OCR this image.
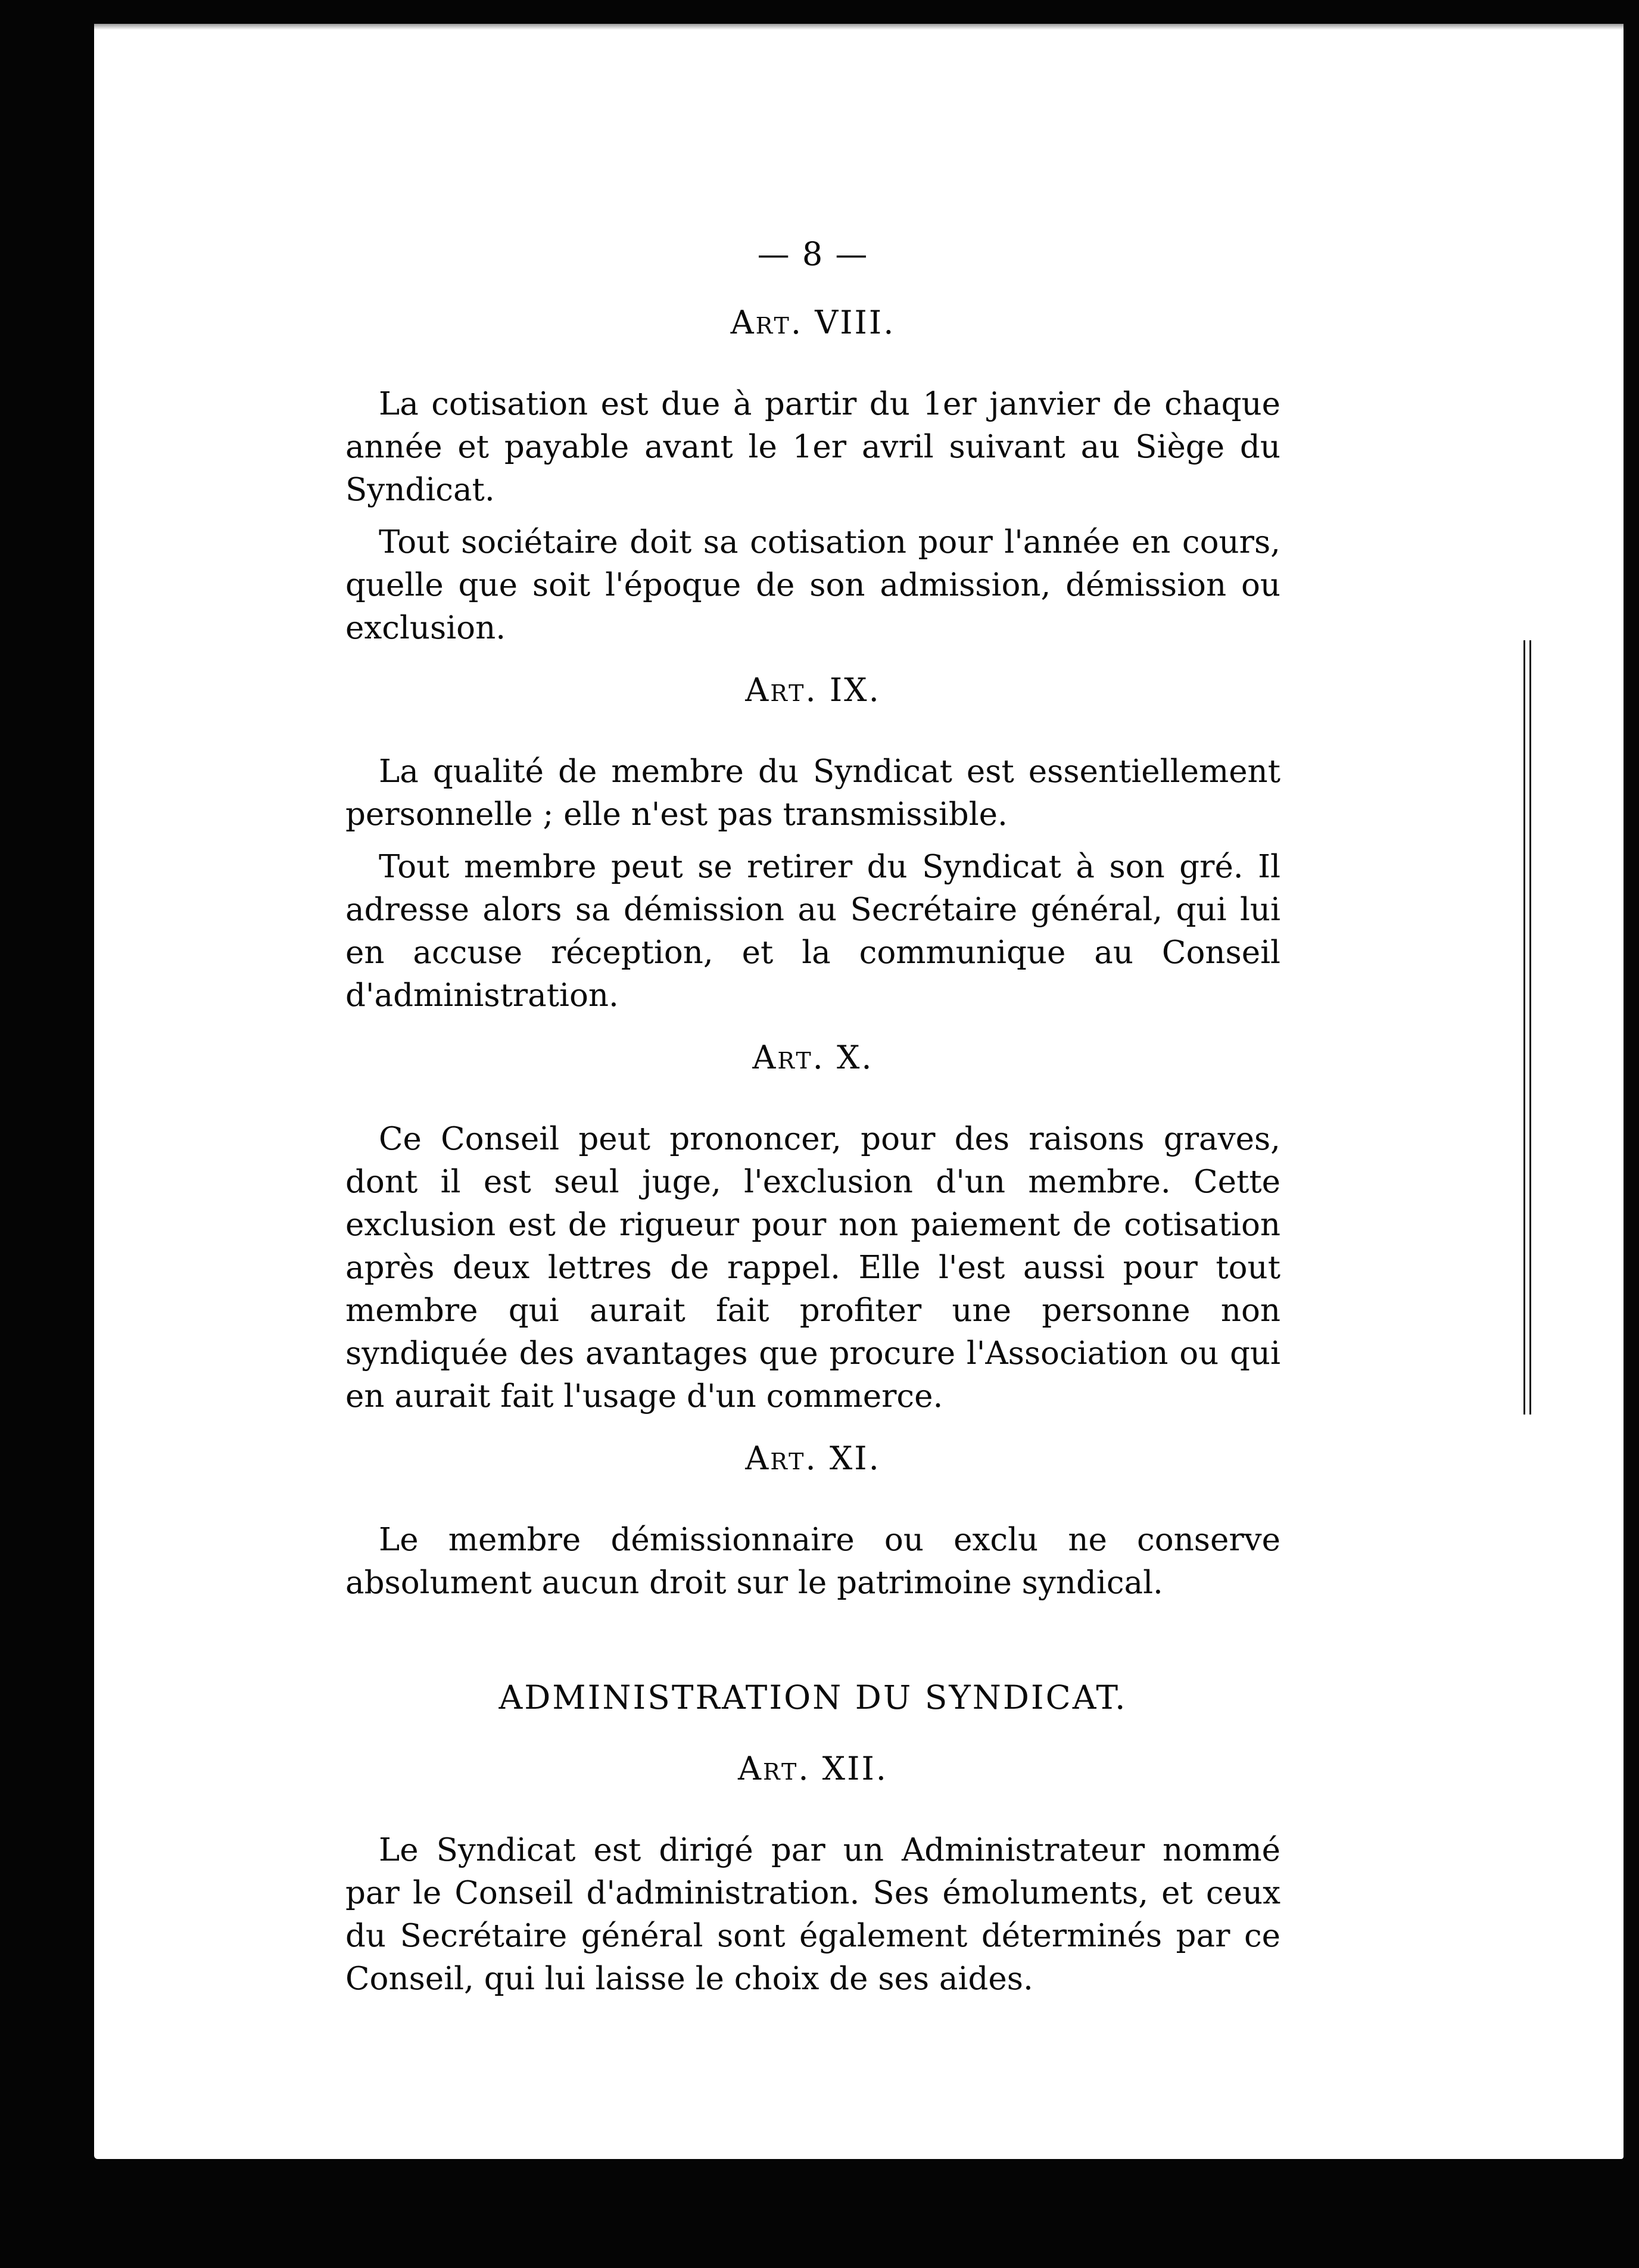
— 8 —
Art. VIII.

La cotisation est due à partir du 1er janvier de chaque année et payable avant le 1er avril suivant au Siège du Syndicat.

Tout sociétaire doit sa cotisation pour l'année en cours, quelle que soit l'époque de son admission, démission ou exclusion.

Art. IX.

La qualité de membre du Syndicat est essentiellement personnelle ; elle n'est pas transmissible.

Tout membre peut se retirer du Syndicat à son gré. Il adresse alors sa démission au Secrétaire général, qui lui en accuse réception, et la communique au Conseil d'administration.

Art. X.

Ce Conseil peut prononcer, pour des raisons graves, dont il est seul juge, l'exclusion d'un membre. Cette exclusion est de rigueur pour non paiement de cotisation après deux lettres de rappel. Elle l'est aussi pour tout membre qui aurait fait profiter une personne non syndiquée des avantages que procure l'Association ou qui en aurait fait l'usage d'un commerce.

Art. XI.

Le membre démissionnaire ou exclu ne conserve absolument aucun droit sur le patrimoine syndical.

ADMINISTRATION DU SYNDICAT.
Art. XII.

Le Syndicat est dirigé par un Administrateur nommé par le Conseil d'administration. Ses émoluments, et ceux du Secrétaire général sont également déterminés par ce Conseil, qui lui laisse le choix de ses aides.
